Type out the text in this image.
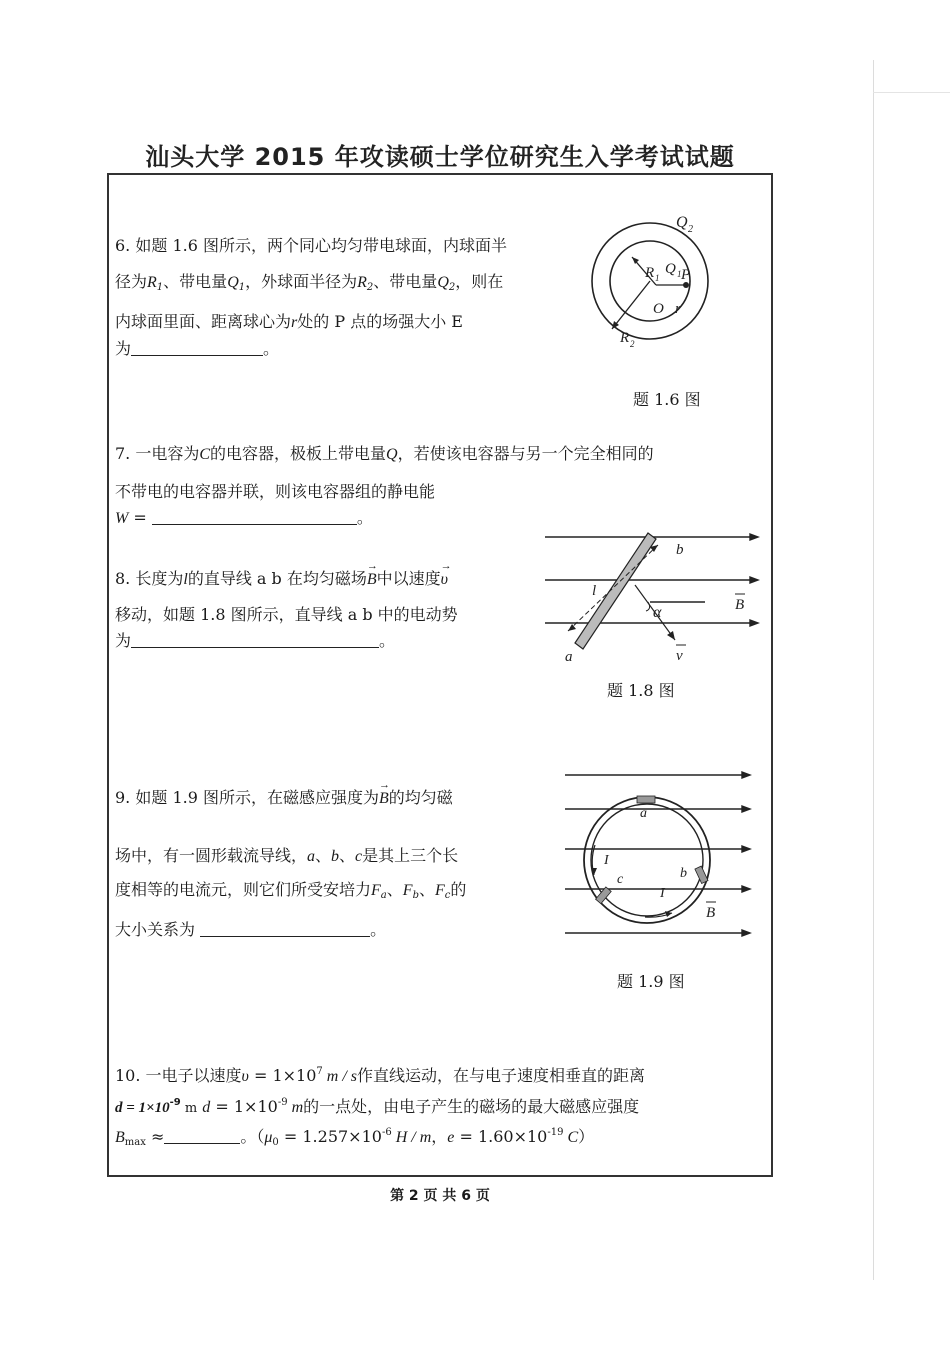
汕头大学 2015 年攻读硕士学位研究生入学考试试题
6. 如题 1.6 图所示，两个同心均匀带电球面，内球面半
径为$R_1$、带电量$Q_1$，外球面半径为$R_2$、带电量$Q_2$，则在
内球面里面、距离球心为r处的 P 点的场强大小 E
为	。
Q 2
R 1
Q 1 P
O r
R 2
题 1.6 图
7. 一电容为C的电容器，极板上带电量Q，若使该电容器与另一个完全相同的
不带电的电容器并联，则该电容器组的静电能
W =	。
8. 长度为l的直导线 a b 在均匀磁场→ B中以速度→ υ
移动，如题 1.8 图所示，直导线 a b 中的电动势
为	。
b
a
l
α	B
v
题 1.8 图
9. 如题 1.9 图所示，在磁感应强度为→ B的均匀磁
场中，有一圆形载流导线，a、b、c是其上三个长
度相等的电流元，则它们所受安培力$F_a$、$F_b$、$F_c$的
大小关系为	。
a
b
c
I
I
B
题 1.9 图
10. 一电子以速度$\upsilon = 1\times 10^7$ m / s作直线运动，在与电子速度相垂直的距离
$d = 1\times 10^{-9}$ m $d = 1\times 10^{-9}$ m的一点处，由电子产生的磁场的最大磁感应强度
$B_{max}$ ≈	。（$\mu_0 = 1.257\times 10^{-6}$ H / m，$e = 1.60\times 10^{-19}$ C）
第 2 页 共 6 页
